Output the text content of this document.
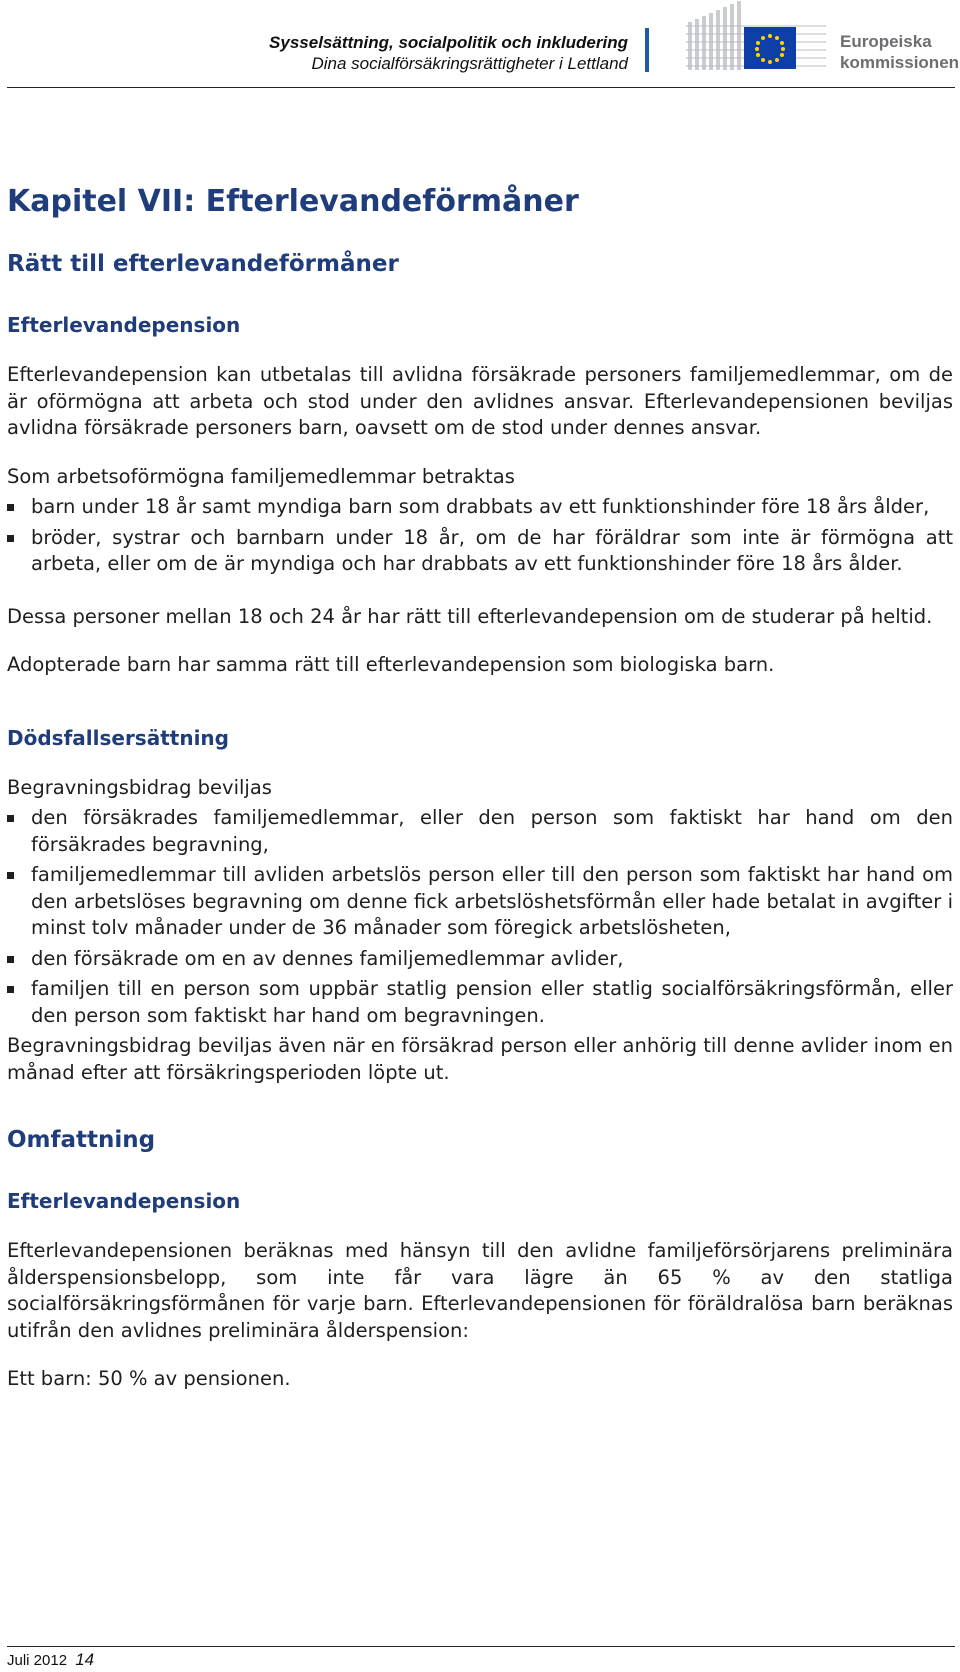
Sysselsättning, socialpolitik och inkludering
Dina socialförsäkringsrättigheter i Lettland
Europeiska
kommissionen
Kapitel VII: Efterlevandeförmåner
Rätt till efterlevandeförmåner
Efterlevandepension

Efterlevandepension kan utbetalas till avlidna försäkrade personers familjemedlemmar, om de är oförmögna att arbeta och stod under den avlidnes ansvar. Efterlevandepensionen beviljas avlidna försäkrade personers barn, oavsett om de stod under dennes ansvar.

Som arbetsoförmögna familjemedlemmar betraktas

barn under 18 år samt myndiga barn som drabbats av ett funktionshinder före 18 års ålder,
bröder, systrar och barnbarn under 18 år, om de har föräldrar som inte är förmögna att arbeta, eller om de är myndiga och har drabbats av ett funktionshinder före 18 års ålder.

Dessa personer mellan 18 och 24 år har rätt till efterlevandepension om de studerar på heltid.

Adopterade barn har samma rätt till efterlevandepension som biologiska barn.

Dödsfallsersättning

Begravningsbidrag beviljas

den försäkrades familjemedlemmar, eller den person som faktiskt har hand om den försäkrades begravning,
familjemedlemmar till avliden arbetslös person eller till den person som faktiskt har hand om den arbetslöses begravning om denne fick arbetslöshetsförmån eller hade betalat in avgifter i minst tolv månader under de 36 månader som föregick arbetslösheten,
den försäkrade om en av dennes familjemedlemmar avlider,
familjen till en person som uppbär statlig pension eller statlig socialförsäkringsförmån, eller den person som faktiskt har hand om begravningen.

Begravningsbidrag beviljas även när en försäkrad person eller anhörig till denne avlider inom en månad efter att försäkringsperioden löpte ut.

Omfattning
Efterlevandepension

Efterlevandepensionen beräknas med hänsyn till den avlidne familjeförsörjarens preliminära ålderspensionsbelopp, som inte får vara lägre än 65 % av den statliga socialförsäkringsförmånen för varje barn. Efterlevandepensionen för föräldralösa barn beräknas utifrån den avlidnes preliminära ålderspension:

Ett barn: 50 % av pensionen.

Juli 2012 14
